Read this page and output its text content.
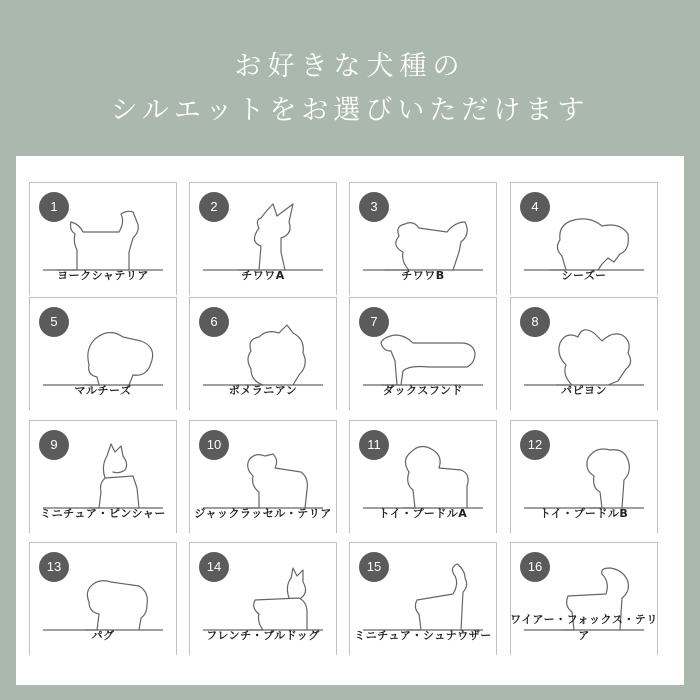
お好きな犬種の
シルエットをお選びいただけます
1
ヨークシャテリア
2
チワワA
3
チワワB
4
シーズー
5
マルチーズ
6
ポメラニアン
7
ダックスフンド
8
パピヨン
9
ミニチュア・ピンシャー
10
ジャックラッセル・テリア
11
トイ・プードルA
12
トイ・プードルB
13
パグ
14
フレンチ・ブルドッグ
15
ミニチュア・シュナウザー
16
ワイアー・フォックス・テリア
